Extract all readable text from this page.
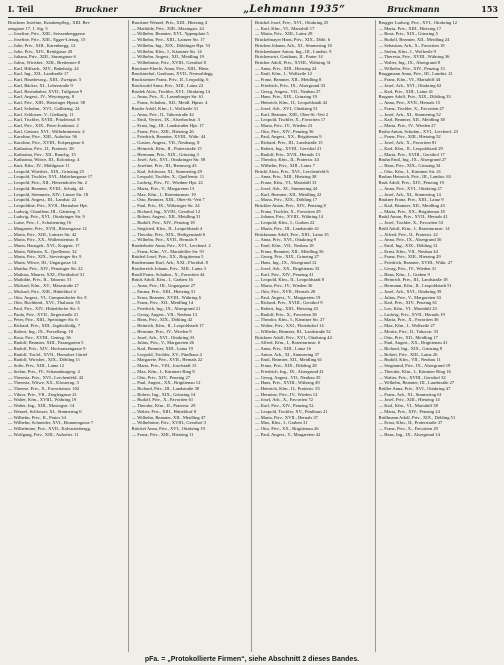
I. Teil	Bruckner	Bruckner	„Lehmann 1935“	Bruckmann	153
Bruckner Josefine, Krankenpfleg., XIII. Ber-
zengasse 17, 1. Stg. 5
— Josefine, Priv., XIII., Seissenberggasse
— Josefine, Priv., XIII., Egger-Lienzg. 15
— Julie, Priv., XIII., Karenbergg. 12
— Julie, Priv., XIV., Reinlgasse 20
— Juliana, Priv., XIII., Sturmgasse 6
— Julius, Wirtsbet., XIII., Breitensee 8
— Karl, Hilfsarb., XIV., Bahnhofg. 24
— Karl, Ing., XII., Landsraße 17
— Karl, Hausbesorg., XIII., Zweigstr. 5
— Karl, Bäcker, XI., Leberstraße 9
— Karl, Bestinhaber, XVII., Tullgasse 9
— Karl, Angest., IV., Weyringerg. 8
— Karl, Priv., XIII., Hietzinger Hptstr. 38
— Karl, Schuhm., XVI., Gallitzing. 24
— Karl, Schlosser, V., Gießaufg. 11
— Karl, Tischler, XVIII., Pötzleinsd. 8
— Karl, Priv., XIX., Peter-Jordanstr. 2
— Karl, Gärtner, XVI., Wilhelminenstr. 4
— Karoline, Priv., XIII., Auhofstr. 56
— Karoline, Priv., XVIII., Eckpergasse 6
— Katharina, Priv., II., Praterstr. 38
— Katharina, Priv., XII., Rauchg. 15
— Katharina, Witwe, III., Kolonitzg. 4
— Kurt, Kfm., IV., Mühlgasse 11
— Leopold, Wirtsbet., XIX., Grinzing 25
— Leopold, Tischler, XVI., Habichergasse 17
— Leopold, Priv., XII., Hetzendorfer Str. 2
— Leopold, Beamter, XVIII., Schulg. 44
— Leopold, Steinmetz, XIV., Linzer Str. 18
— Leopold, Angest., III., Landstr. 22
— Leopoldine, Priv., XVII., Hernalser Hpt.
— Ludwig, Chauffeur, III., Gärtnerg. 5
— Ludwig, Priv., XVI., Ottakringer Str. 9
— Luise, Priv., I., Schottenring 16
— Margarete, Priv., XVII., Rötzergasse 12
— Maria, Priv., XIII., Lainzer Str. 42
— Maria, Priv., XX., Wallensteinstr. 8
— Maria, Hausgeh., XVI., Koppstr. 17
— Maria, Näherin, X., Quellenstr. 32
— Maria, Priv., XIX., Sieveringer Str. 9
— Maria, Witwe, III., Ungargasse 14
— Martha, Priv., XIV., Penzinger Str. 22
— Mathias, Maurer, XXI., Floridsdorf 31
— Mathilde, Priv., II., Taborstr. 51
— Michael, Kfm., XV., Märzstraße 27
— Michael, Priv., XIII., Hütteldorf 4
— Otto, Angest., VI., Gumpendorfer Str. 8
— Otto, Buchbind., XVI., Thaliastr. 55
— Paul, Priv., XIV., Hütteldorfer Str. 3
— Paula, Priv., XVII., Jörgerstraße 21
— Peter, Priv., XIII., Speisinger Str. 6
— Richard, Priv., XIII., Jagdschloßg. 7
— Robert, Ing., IX., Porzellang. 18
— Rosa, Priv., XVIII., Gentzg. 36
— Rudolf, Beamter, XIII., Fasangarten 5
— Rudolf, Priv., XIV., Hochsatzengasse 9
— Rudolf, Tischl., XVII., Hernalser Gürtel
— Rudolf, Wirtsbet., XIX., Döbling 11
— Sofie, Priv., XIII., Lainz 12
— Stefan, Priv., IV., Schaumburgerg. 4
— Theresia, Priv., XVI., Lerchenfeld. 42
— Theresia, Witwe, XX., Klosterng. 3
— Therese, Priv., X., Favoritenstr. 102
— Viktor, Priv., VII., Zieglergasse 21
— Walter, Kfm., XVIII., Währing 19
— Walter, Ing., XIII., Maxingstr. 14
— Wenzel, Schlosser, XI., Simmering 6
— Wilhelm, Priv., II., Prater 34
— Wilhelm, Schneider, XVI., Brunnengasse 7
— Wilhelmine, Priv., XVII., Kalvarienbergg.
— Wolfgang, Priv., XIII., Auhofstr. 11
Bruckner Wenzel, Priv., XIII., Hietzing 4
— Mathilde, Priv., XIII., Maxingstr. 24
— Wilhelm, Beamter, XVI., Yppenplatz 5
— Wilhelm, Priv., XIII., Lainzer Str. 17
— Wilhelm, Ing., XIX., Döblinger Hpt. 53
— Wilhelm, Kfm., I., Kärntner Str. 14
— Wilhelm, Angest., XII., Meidling 19
— Wilhelmine, Priv., XVIII., Gersthof 8
Bruckner-Eberle, Anna, Priv., XIII., Hietz.
Brucknerhof, Gasthaus, XVII., Neuwaldegg
Brucksteiner Franz, Priv., II., Leopoldg. 6
Bruckwald Anna, Priv., XIII., Lainz 22
Brudek Alois, Tischler, XVI., Ottakring 14
— Anna, Priv., X., Laxenburger Str. 61
— Franz, Schuhm., XII., Meidl. Hptstr. 4
Bruder Adolf, Kfm., I., Wollzeile 31
— Anna, Priv., II., Taborstraße 42
— Emil, Vertret., IX., Alserbachstr. 3
— Ernst, Ing., III., Landstraßer Hpt. 17
— Franz, Priv., XIII., Hietzing 26
— Friedrich, Beamter, XVIII., Währ. 44
— Gustav, Angest., VII., Neubaug. 8
— Heinrich, Kfm., II., Praterstraße 15
— Hermann, Priv., XIX., Grinzing 3
— Josef, Arb., XVI., Ottakringer Str. 58
— Josefine, Priv., III., Rennweg 43
— Karl, Schlosser, XI., Simmering 29
— Leopold, Tischler, X., Quellenstr. 11
— Ludwig, Priv., IV., Wiedner Hpt. 22
— Maria, Priv., V., Margareten 13
— Max, Kfm., I., Rotenturmstr. 19
— Otto, Beamter, XIII., Ober-St.-Veit 7
— Paul, Priv., IX., Währinger Str. 24
— Richard, Ing., XVIII., Gersthof 12
— Robert, Angest., XII., Meidling 31
— Rudolf, Priv., XIV., Penzing 18
— Siegfried, Kfm., II., Leopoldstadt 4
— Theodor, Priv., XIX., Heiligenstadt 6
— Wilhelm, Priv., XVII., Hernals 9
Bruderhofer Anna, Priv., XVI., Lerchenf. 2
— Franz, Kfm., VI., Mariahilfer Str. 91
Brüderl Josef, Priv., XX., Brigittenau 5
Brudermann Karl, Arb., XXI., Floridsd. 8
Bruderreich Johann, Priv., XIII., Lainz 3
Brudl Franz, Schuhm., X., Favoriten 44
Brück Adolf, Kfm., I., Graben 16
— Anna, Priv., III., Ungargasse 27
— Emma, Priv., XIII., Hietzing 31
— Ernst, Beamter, XVIII., Währing 6
— Franz, Priv., XII., Meidling 14
— Friedrich, Ing., IX., Alsergrund 21
— Georg, Angest., VII., Neubau 13
— Hans, Priv., XIX., Döbling 42
— Heinrich, Kfm., II., Leopoldstadt 17
— Hermine, Priv., IV., Wieden 9
— Josef, Arb., XVI., Ottakring 33
— Julius, Priv., V., Margareten 26
— Karl, Beamter, XIII., Lainz 19
— Leopold, Tischler, XV., Fünfhaus 4
— Margarete, Priv., XVII., Hernals 22
— Maria, Priv., VIII., Josefstadt 15
— Max, Kfm., I., Kärntner Ring 8
— Otto, Priv., XIV., Penzing 27
— Paul, Angest., XX., Brigittenau 12
— Richard, Priv., III., Landstraße 38
— Robert, Ing., XIX., Grinzing 14
— Rudolf, Priv., X., Favoriten 61
— Theodor, Kfm., II., Praterstr. 29
— Walter, Priv., XIII., Hütteldorf 8
— Wilhelm, Beamter, XII., Meidling 47
— Wilhelmine, Priv., XVIII., Gersthof 3
Brückel Anna, Priv., XVI., Ottakring 19
— Franz, Priv., XIII., Hietzing 11
Brückel Josef, Priv., XVI., Ottakring 25
— Karl, Kfm., VI., Mariahilf 17
— Maria, Priv., XIII., Lainz 28
Brückelmayer Hans, Priv., XIX., Döbl. 6
Brücken Johann, Arb., XI., Simmering 18
Brückenbauer Anton, Ing., III., Landstr. 9
Brückenwirt, Gasthaus, II., Prater 14
Brücker Adolf, Priv., XVIII., Währing 31
— Anna, Priv., XIII., Hietzing 24
— Emil, Kfm., I., Wollzeile 12
— Franz, Beamter, XII., Meidling 8
— Friedrich, Priv., IX., Alsergrund 33
— Georg, Angest., VII., Neubau 27
— Hans, Priv., XIX., Grinzing 19
— Heinrich, Kfm., II., Leopoldstadt 42
— Josef, Arb., XVI., Ottakring 51
— Karl, Beamter, XIII., Ober-St.-Veit 2
— Leopold, Tischler, X., Favoriten 17
— Maria, Priv., IV., Wieden 23
— Otto, Priv., XIV., Penzing 36
— Paul, Angest., XX., Brigittenau 9
— Richard, Priv., III., Landstraße 15
— Robert, Ing., XVIII., Gersthof 21
— Rudolf, Priv., XVII., Hernals 13
— Theodor, Kfm., II., Praterstr. 44
— Wilhelm, Priv., XIII., Lainz 7
Brückl Alois, Priv., XVI., Lerchenfeld 6
— Anna, Priv., XIII., Hietzing 38
— Franz, Kfm., VI., Mariahilf 31
— Josef, Arb., XI., Simmering 44
— Karl, Beamter, XII., Meidling 22
— Maria, Priv., XIX., Döbling 17
Brückler Anton, Priv., XIV., Penzing 8
— Franz, Tischler, X., Favoriten 29
— Johann, Priv., XVIII., Währing 14
— Leopold, Kfm., I., Graben 22
— Maria, Priv., III., Landstraße 41
Brückmann Adolf, Priv., XIII., Lainz 35
— Anna, Priv., XVI., Ottakring 9
— Emil, Kfm., VII., Neubau 18
— Franz, Beamter, XII., Meidling 56
— Georg, Priv., XIX., Grinzing 27
— Hans, Ing., IX., Alsergrund 12
— Josef, Arb., XX., Brigittenau 33
— Karl, Priv., XIV., Penzing 41
— Leopold, Kfm., II., Leopoldstadt 8
— Maria, Priv., IV., Wieden 36
— Otto, Priv., XVII., Hernals 28
— Paul, Angest., V., Margareten 19
— Richard, Priv., XVIII., Gersthof 9
— Robert, Ing., XIII., Hietzing 43
— Rudolf, Priv., X., Favoriten 38
— Theodor, Kfm., I., Kärntner Str. 27
— Walter, Priv., XXI., Floridsdorf 14
— Wilhelm, Beamter, III., Landstraße 52
Brückner Adolf, Priv., XVI., Ottakring 44
— Alfred, Kfm., I., Rotenturmstr. 6
— Anna, Priv., XIII., Lainz 16
— Anton, Arb., XI., Simmering 37
— Emil, Beamter, XII., Meidling 61
— Franz, Priv., XIX., Döbling 28
— Friedrich, Ing., IX., Alsergrund 41
— Georg, Angest., VII., Neubau 35
— Hans, Priv., XVIII., Währing 49
— Heinrich, Kfm., II., Praterstr. 53
— Hermine, Priv., IV., Wieden 14
— Josef, Arb., X., Favoriten 72
— Karl, Priv., XIV., Penzing 52
— Leopold, Tischler, XV., Fünfhaus 21
— Maria, Priv., XVII., Hernals 37
— Max, Kfm., I., Graben 31
— Otto, Priv., XX., Brigittenau 26
— Paul, Angest., V., Margareten 42
Brugger Ludwig, Priv., XVI., Ottakring 12
— Maria, Priv., XIII., Hietzing 17
— Rosa, Priv., XIX., Grinzing 5
— Rudolf, Beamter, XII., Meidling 24
— Sebastian, Arb., X., Favoriten 18
— Stefan, Kfm., I., Wollzeile 9
— Theresia, Priv., XVIII., Währing 36
— Walter, Ing., IX., Alsergrund 8
— Wilhelm, Priv., XIV., Penzing 13
Bruggmann Anna, Priv., III., Landstr. 21
— Franz, Kfm., VI., Mariahilf 44
— Josef, Arb., XVI., Ottakring 62
— Karl, Priv., XIII., Lainz 41
Brugner Adolf, Priv., XIX., Döbling 33
— Anna, Priv., XVII., Hernals 15
— Franz, Tischler, X., Favoriten 47
— Josef, Arb., XI., Simmering 52
— Karl, Beamter, XII., Meidling 38
— Maria, Priv., IV., Wieden 27
Bruha Anton, Schuhm., XVI., Lerchenf. 23
— Franz, Priv., XIII., Hietzing 52
— Josef, Arb., X., Favoriten 81
— Karl, Kfm., II., Leopoldstadt 29
— Maria, Priv., XVIII., Gersthof 17
Bruhn Emil, Ing., IX., Alsergrund 27
— Hans, Priv., XIX., Grinzing 34
— Otto, Kfm., I., Kärntner Str. 41
Bruhns Heinrich, Priv., III., Landstr. 63
Bruk Adolf, Priv., XIV., Penzing 19
— Anna, Priv., XVI., Ottakring 27
— Josef, Arb., XI., Simmering 14
Brukner Franz, Priv., XIII., Lainz 9
— Karl, Beamter, XII., Meidling 43
— Maria, Priv., XX., Brigittenau 18
Brukl Anton, Priv., XVII., Hernals 41
— Josef, Tischler, X., Favoriten 53
Brüll Adolf, Kfm., I., Rotenturmstr. 14
— Alfred, Priv., II., Praterstr. 22
— Anna, Priv., IX., Alsergrund 36
— Emil, Ing., XIX., Döbling 12
— Ernst, Kfm., VII., Neubau 44
— Franz, Priv., XIII., Hietzing 29
— Friedrich, Beamter, XVIII., Währ. 27
— Georg, Priv., IV., Wieden 31
— Hans, Kfm., I., Graben 9
— Heinrich, Priv., III., Landstraße 18
— Hermann, Kfm., II., Leopoldstadt 51
— Josef, Arb., XVI., Ottakring 39
— Julius, Priv., V., Margareten 33
— Karl, Priv., XIV., Penzing 61
— Leo, Kfm., VI., Mariahilf 23
— Ludwig, Priv., XVII., Hernals 19
— Maria, Priv., X., Favoriten 36
— Max, Kfm., I., Wollzeile 27
— Moritz, Priv., II., Taborstr. 33
— Otto, Priv., XII., Meidling 17
— Paul, Angest., XX., Brigittenau 41
— Richard, Ing., XIX., Grinzing 8
— Robert, Priv., XIII., Lainz 26
— Rudolf, Kfm., VII., Neubau 11
— Siegmund, Priv., IX., Alsergrund 19
— Theodor, Kfm., I., Kärntner Ring 16
— Walter, Priv., XVIII., Gersthof 32
— Wilhelm, Beamter, III., Landstraße 27
Brüller Anna, Priv., XVI., Ottakring 47
— Franz, Arb., XI., Simmering 61
— Josef, Priv., XIII., Hietzing 14
— Karl, Kfm., VI., Mariahilf 38
— Maria, Priv., XIV., Penzing 24
Brüllmann Adolf, Priv., XIX., Döbling 51
— Ernst, Kfm., II., Praterstraße 37
— Franz, Priv., X., Favoriten 29
— Hans, Ing., IX., Alsergrund 14
pFa. = „Protokollierte Firmen“, siehe Abschnitt 2 dieses Bandes.
